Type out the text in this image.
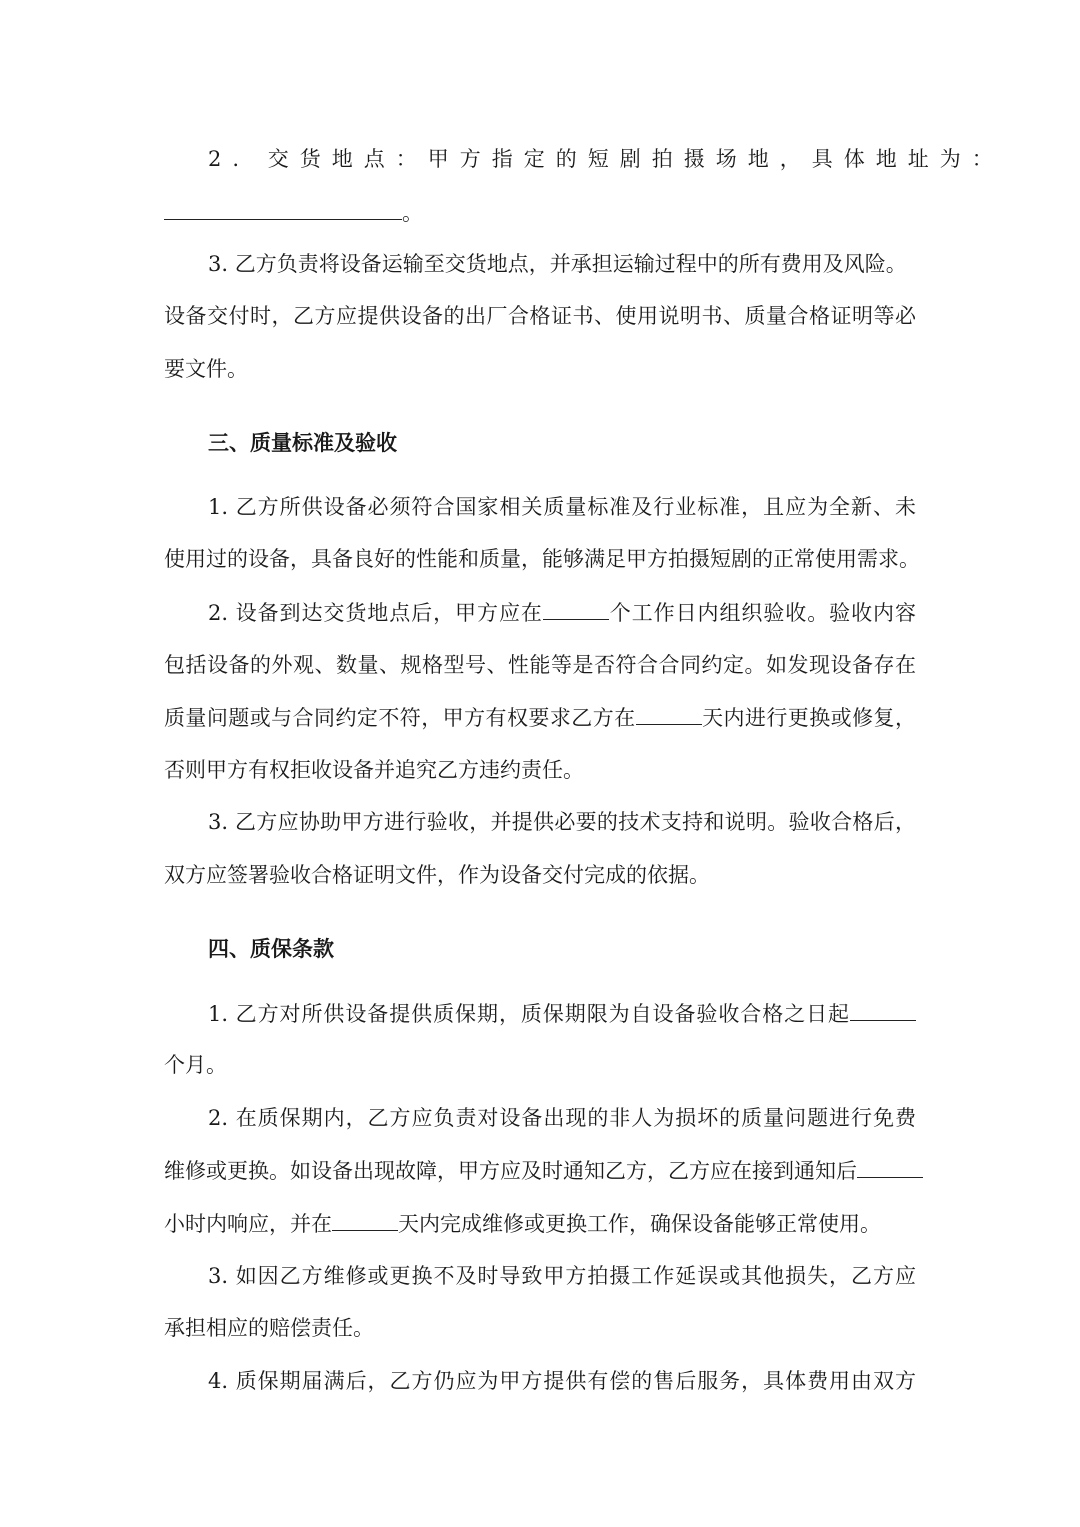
2. 交货地点：甲方指定的短剧拍摄场地，具体地址为：
。
3. 乙方负责将设备运输至交货地点，并承担运输过程中的所有费用及风险。
设备交付时，乙方应提供设备的出厂合格证书、使用说明书、质量合格证明等必
要文件。
三、质量标准及验收
1. 乙方所供设备必须符合国家相关质量标准及行业标准，且应为全新、未
使用过的设备，具备良好的性能和质量，能够满足甲方拍摄短剧的正常使用需求。
2. 设备到达交货地点后，甲方应在	个工作日内组织验收。验收内容
包括设备的外观、数量、规格型号、性能等是否符合合同约定。如发现设备存在
质量问题或与合同约定不符，甲方有权要求乙方在	天内进行更换或修复，
否则甲方有权拒收设备并追究乙方违约责任。
3. 乙方应协助甲方进行验收，并提供必要的技术支持和说明。验收合格后，
双方应签署验收合格证明文件，作为设备交付完成的依据。
四、质保条款
1. 乙方对所供设备提供质保期，质保期限为自设备验收合格之日起
个月。
2. 在质保期内，乙方应负责对设备出现的非人为损坏的质量问题进行免费
维修或更换。如设备出现故障，甲方应及时通知乙方，乙方应在接到通知后
小时内响应，并在	天内完成维修或更换工作，确保设备能够正常使用。
3. 如因乙方维修或更换不及时导致甲方拍摄工作延误或其他损失，乙方应
承担相应的赔偿责任。
4. 质保期届满后，乙方仍应为甲方提供有偿的售后服务，具体费用由双方
